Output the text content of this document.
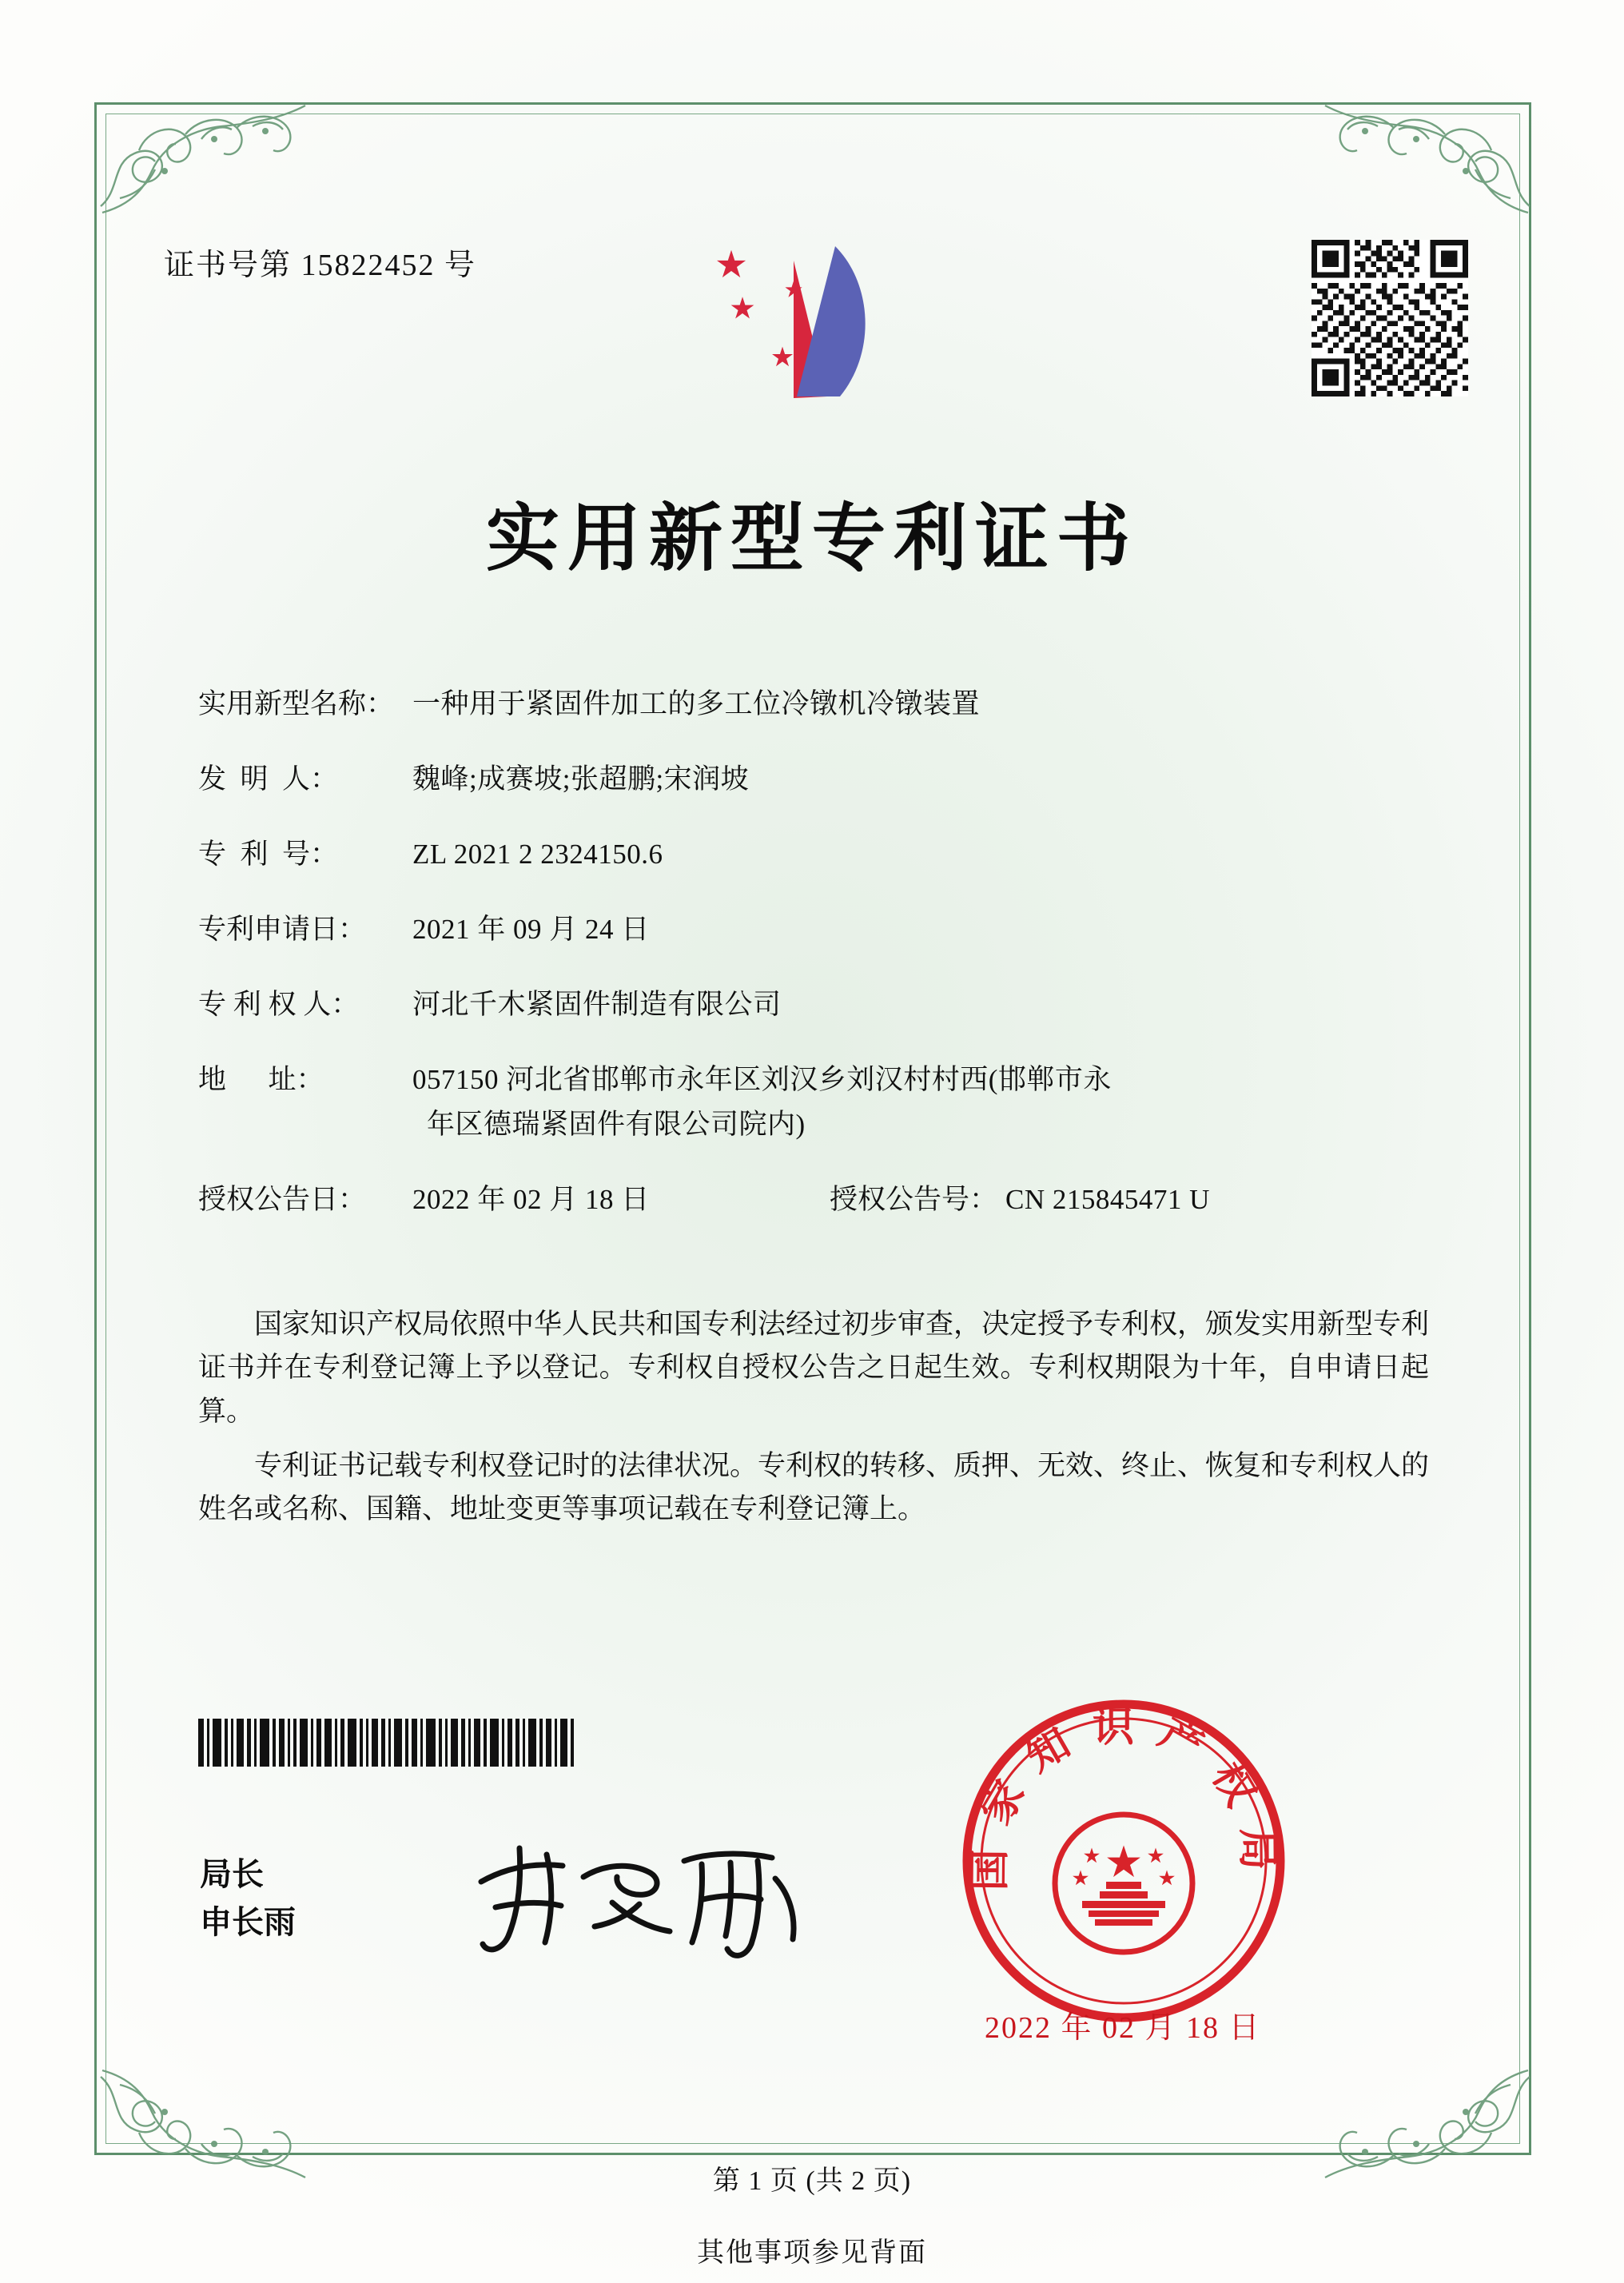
证书号第 15822452 号
实用新型专利证书
实用新型名称： 一种用于紧固件加工的多工位冷镦机冷镦装置
发  明  人：	魏峰;成赛坡;张超鹏;宋润坡
专  利  号：	ZL 2021 2 2324150.6
专利申请日：	2021 年 09 月 24 日
专 利 权 人：	河北千木紧固件制造有限公司
地      址：	057150 河北省邯郸市永年区刘汉乡刘汉村村西(邯郸市永
年区德瑞紧固件有限公司院内)
授权公告日：	2022 年 02 月 18 日	授权公告号： CN 215845471 U

国家知识产权局依照中华人民共和国专利法经过初步审查，决定授予专利权，颁发实用新型专利证书并在专利登记簿上予以登记。专利权自授权公告之日起生效。专利权期限为十年，自申请日起算。

专利证书记载专利权登记时的法律状况。专利权的转移、质押、无效、终止、恢复和专利权人的姓名或名称、国籍、地址变更等事项记载在专利登记簿上。

局长
申长雨
国家知识产权局
2022 年 02 月 18 日
第 1 页 (共 2 页)
其他事项参见背面
